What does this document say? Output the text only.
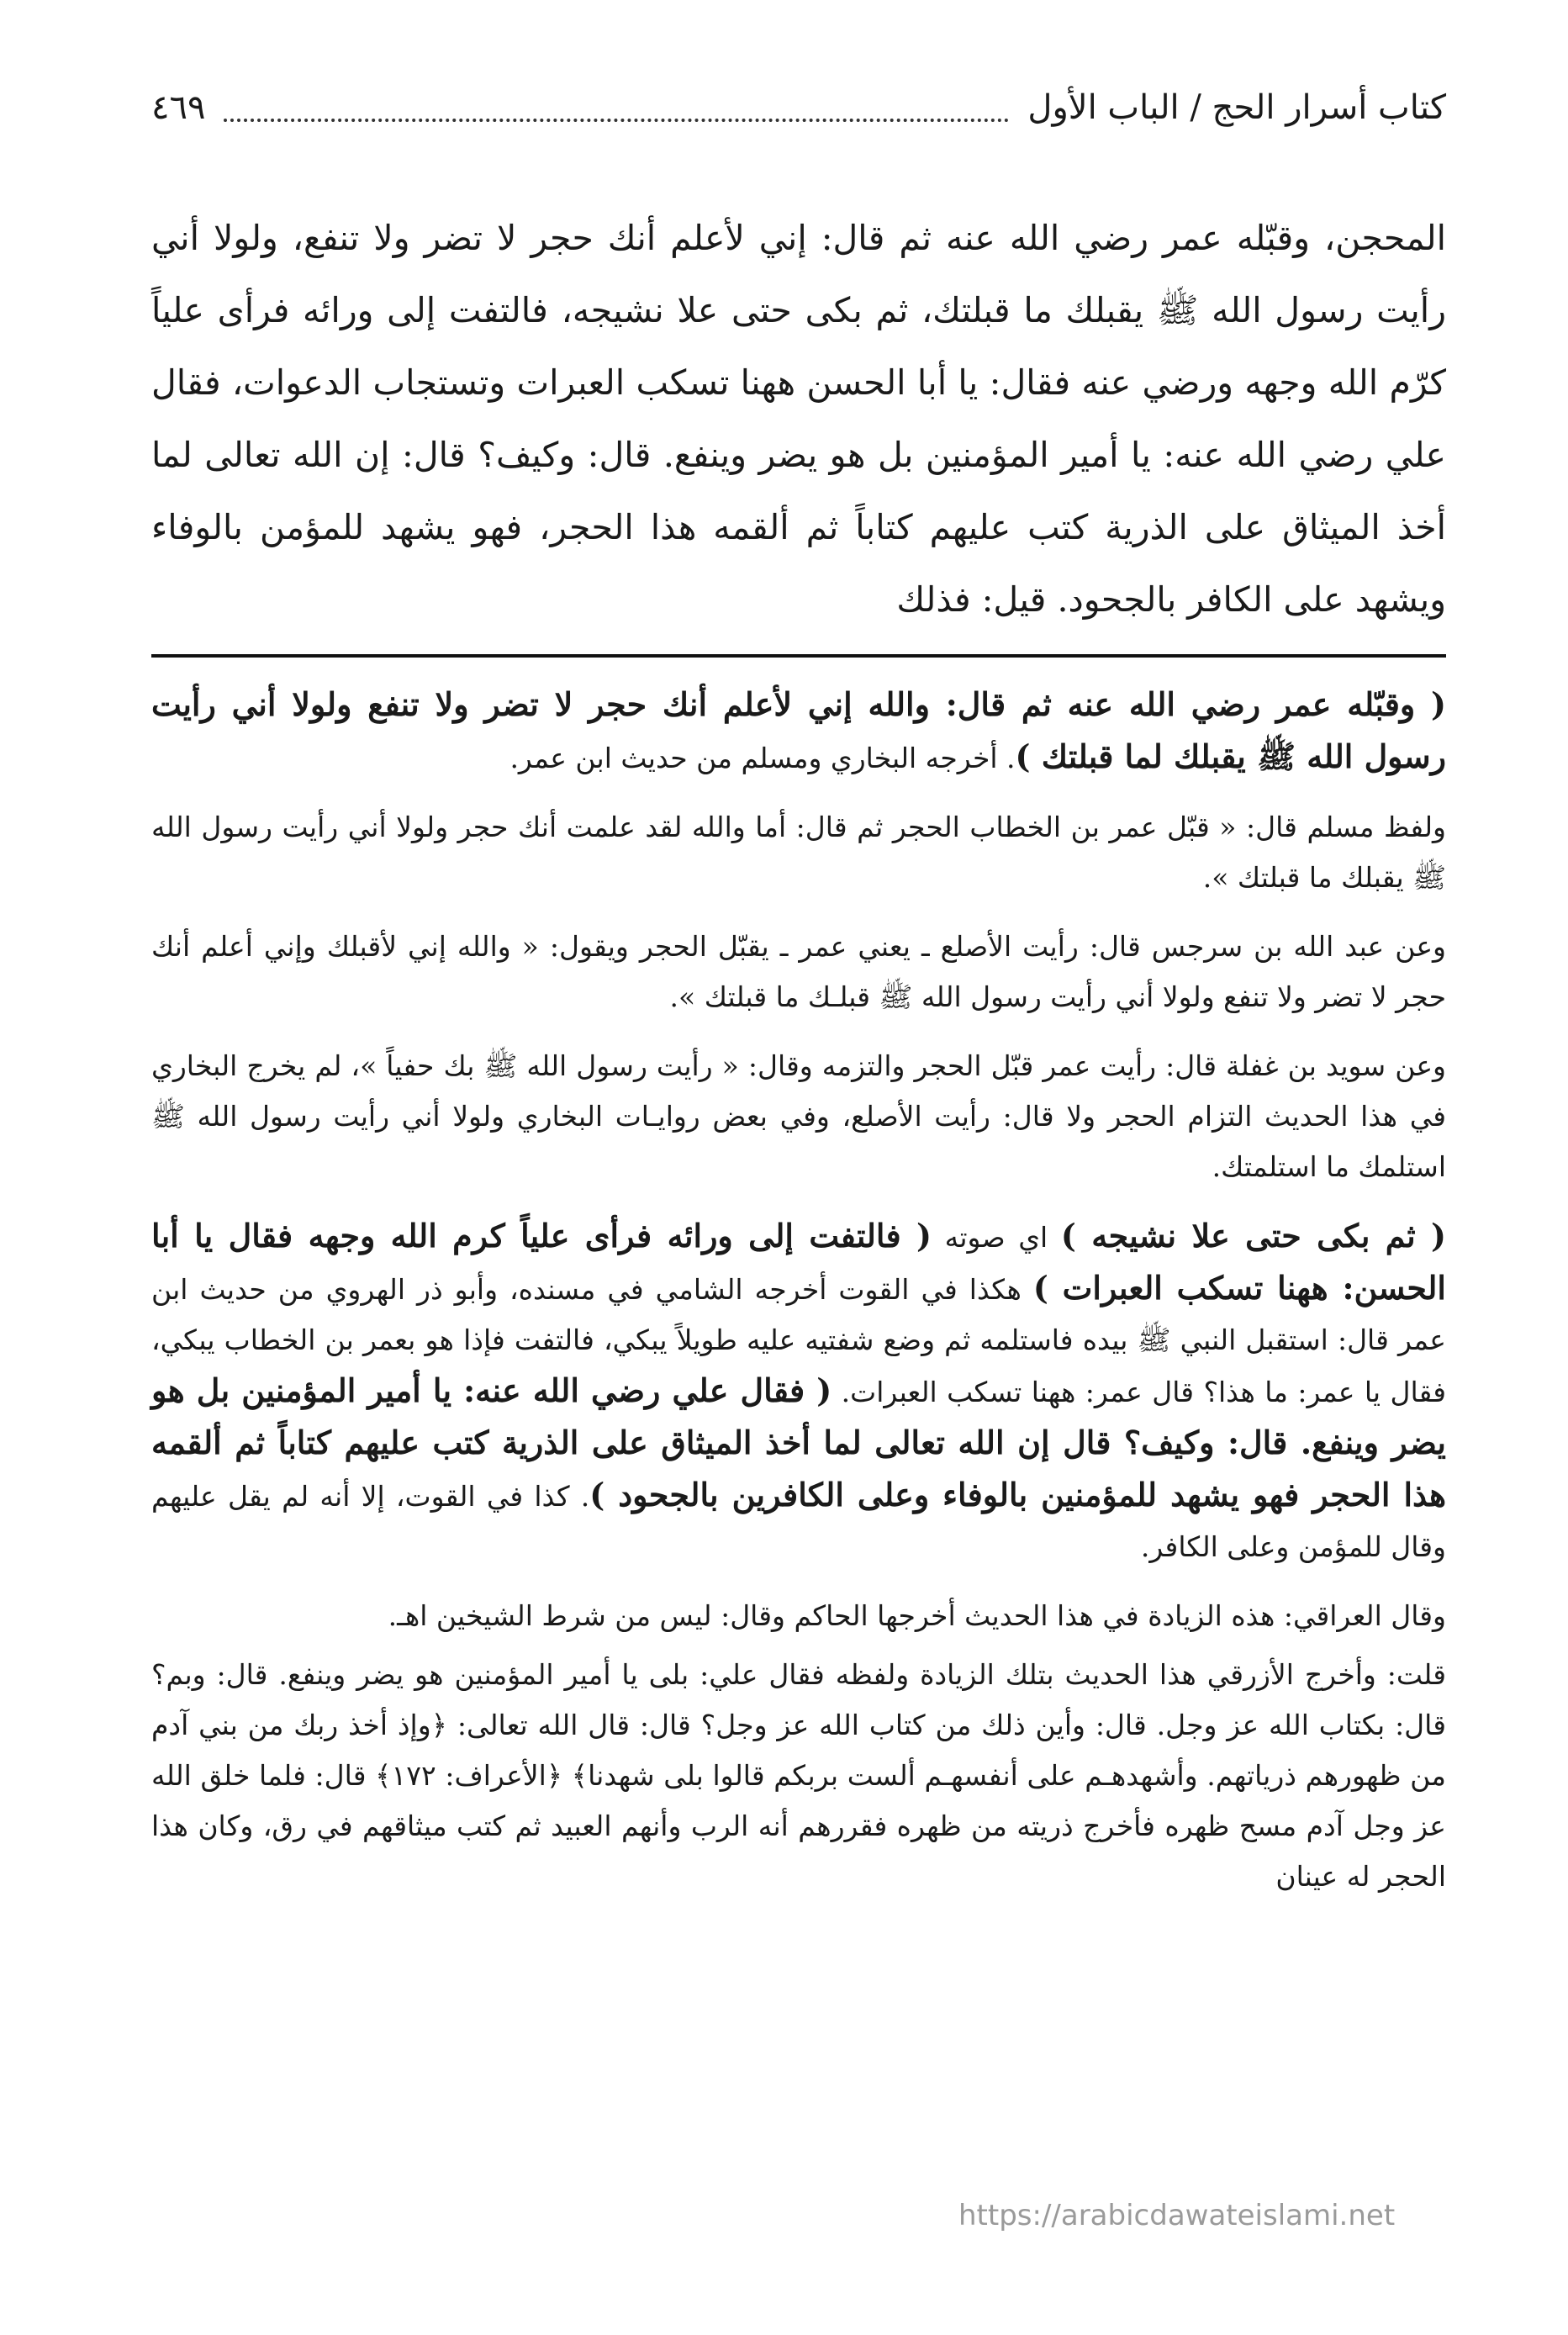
كتاب أسرار الحج / الباب الأول
٤٦٩

المحجن، وقبّله عمر رضي الله عنه ثم قال: إني لأعلم أنك حجر لا تضر ولا تنفع، ولولا أني رأيت رسول الله ﷺ يقبلك ما قبلتك، ثم بكى حتى علا نشيجه، فالتفت إلى ورائه فرأى علياً كرّم الله وجهه ورضي عنه فقال: يا أبا الحسن ههنا تسكب العبرات وتستجاب الدعوات، فقال علي رضي الله عنه: يا أمير المؤمنين بل هو يضر وينفع. قال: وكيف؟ قال: إن الله تعالى لما أخذ الميثاق على الذرية كتب عليهم كتاباً ثم ألقمه هذا الحجر، فهو يشهد للمؤمن بالوفاء ويشهد على الكافر بالجحود. قيل: فذلك

( وقبّله عمر رضي الله عنه ثم قال: والله إني لأعلم أنك حجر لا تضر ولا تنفع ولولا أني رأيت رسول الله ﷺ يقبلك لما قبلتك ). أخرجه البخاري ومسلم من حديث ابن عمر.

ولفظ مسلم قال: « قبّل عمر بن الخطاب الحجر ثم قال: أما والله لقد علمت أنك حجر ولولا أني رأيت رسول الله ﷺ يقبلك ما قبلتك ».

وعن عبد الله بن سرجس قال: رأيت الأصلع ـ يعني عمر ـ يقبّل الحجر ويقول: « والله إني لأقبلك وإني أعلم أنك حجر لا تضر ولا تنفع ولولا أني رأيت رسول الله ﷺ قبلـك ما قبلتك ».

وعن سويد بن غفلة قال: رأيت عمر قبّل الحجر والتزمه وقال: « رأيت رسول الله ﷺ بك حفياً »، لم يخرج البخاري في هذا الحديث التزام الحجر ولا قال: رأيت الأصلع، وفي بعض روايـات البخاري ولولا أني رأيت رسول الله ﷺ استلمك ما استلمتك.

( ثم بكى حتى علا نشيجه ) اي صوته ( فالتفت إلى ورائه فرأى علياً كرم الله وجهه فقال يا أبا الحسن: ههنا تسكب العبرات ) هكذا في القوت أخرجه الشامي في مسنده، وأبو ذر الهروي من حديث ابن عمر قال: استقبل النبي ﷺ بيده فاستلمه ثم وضع شفتيه عليه طويلاً يبكي، فالتفت فإذا هو بعمر بن الخطاب يبكي، فقال يا عمر: ما هذا؟ قال عمر: ههنا تسكب العبرات. ( فقال علي رضي الله عنه: يا أمير المؤمنين بل هو يضر وينفع. قال: وكيف؟ قال إن الله تعالى لما أخذ الميثاق على الذرية كتب عليهم كتاباً ثم ألقمه هذا الحجر فهو يشهد للمؤمنين بالوفاء وعلى الكافرين بالجحود ). كذا في القوت، إلا أنه لم يقل عليهم وقال للمؤمن وعلى الكافر.

وقال العراقي: هذه الزيادة في هذا الحديث أخرجها الحاكم وقال: ليس من شرط الشيخين اهـ.

قلت: وأخرج الأزرقي هذا الحديث بتلك الزيادة ولفظه فقال علي: بلى يا أمير المؤمنين هو يضر وينفع. قال: وبم؟ قال: بكتاب الله عز وجل. قال: وأين ذلك من كتاب الله عز وجل؟ قال: قال الله تعالى: ﴿وإذ أخذ ربك من بني آدم من ظهورهم ذرياتهم. وأشهدهـم على أنفسهـم ألست بربكم قالوا بلى شهدنا﴾ ﴿الأعراف: ١٧٢﴾ قال: فلما خلق الله عز وجل آدم مسح ظهره فأخرج ذريته من ظهره فقررهم أنه الرب وأنهم العبيد ثم كتب ميثاقهم في رق، وكان هذا الحجر له عينان

https://arabicdawateislami.net
